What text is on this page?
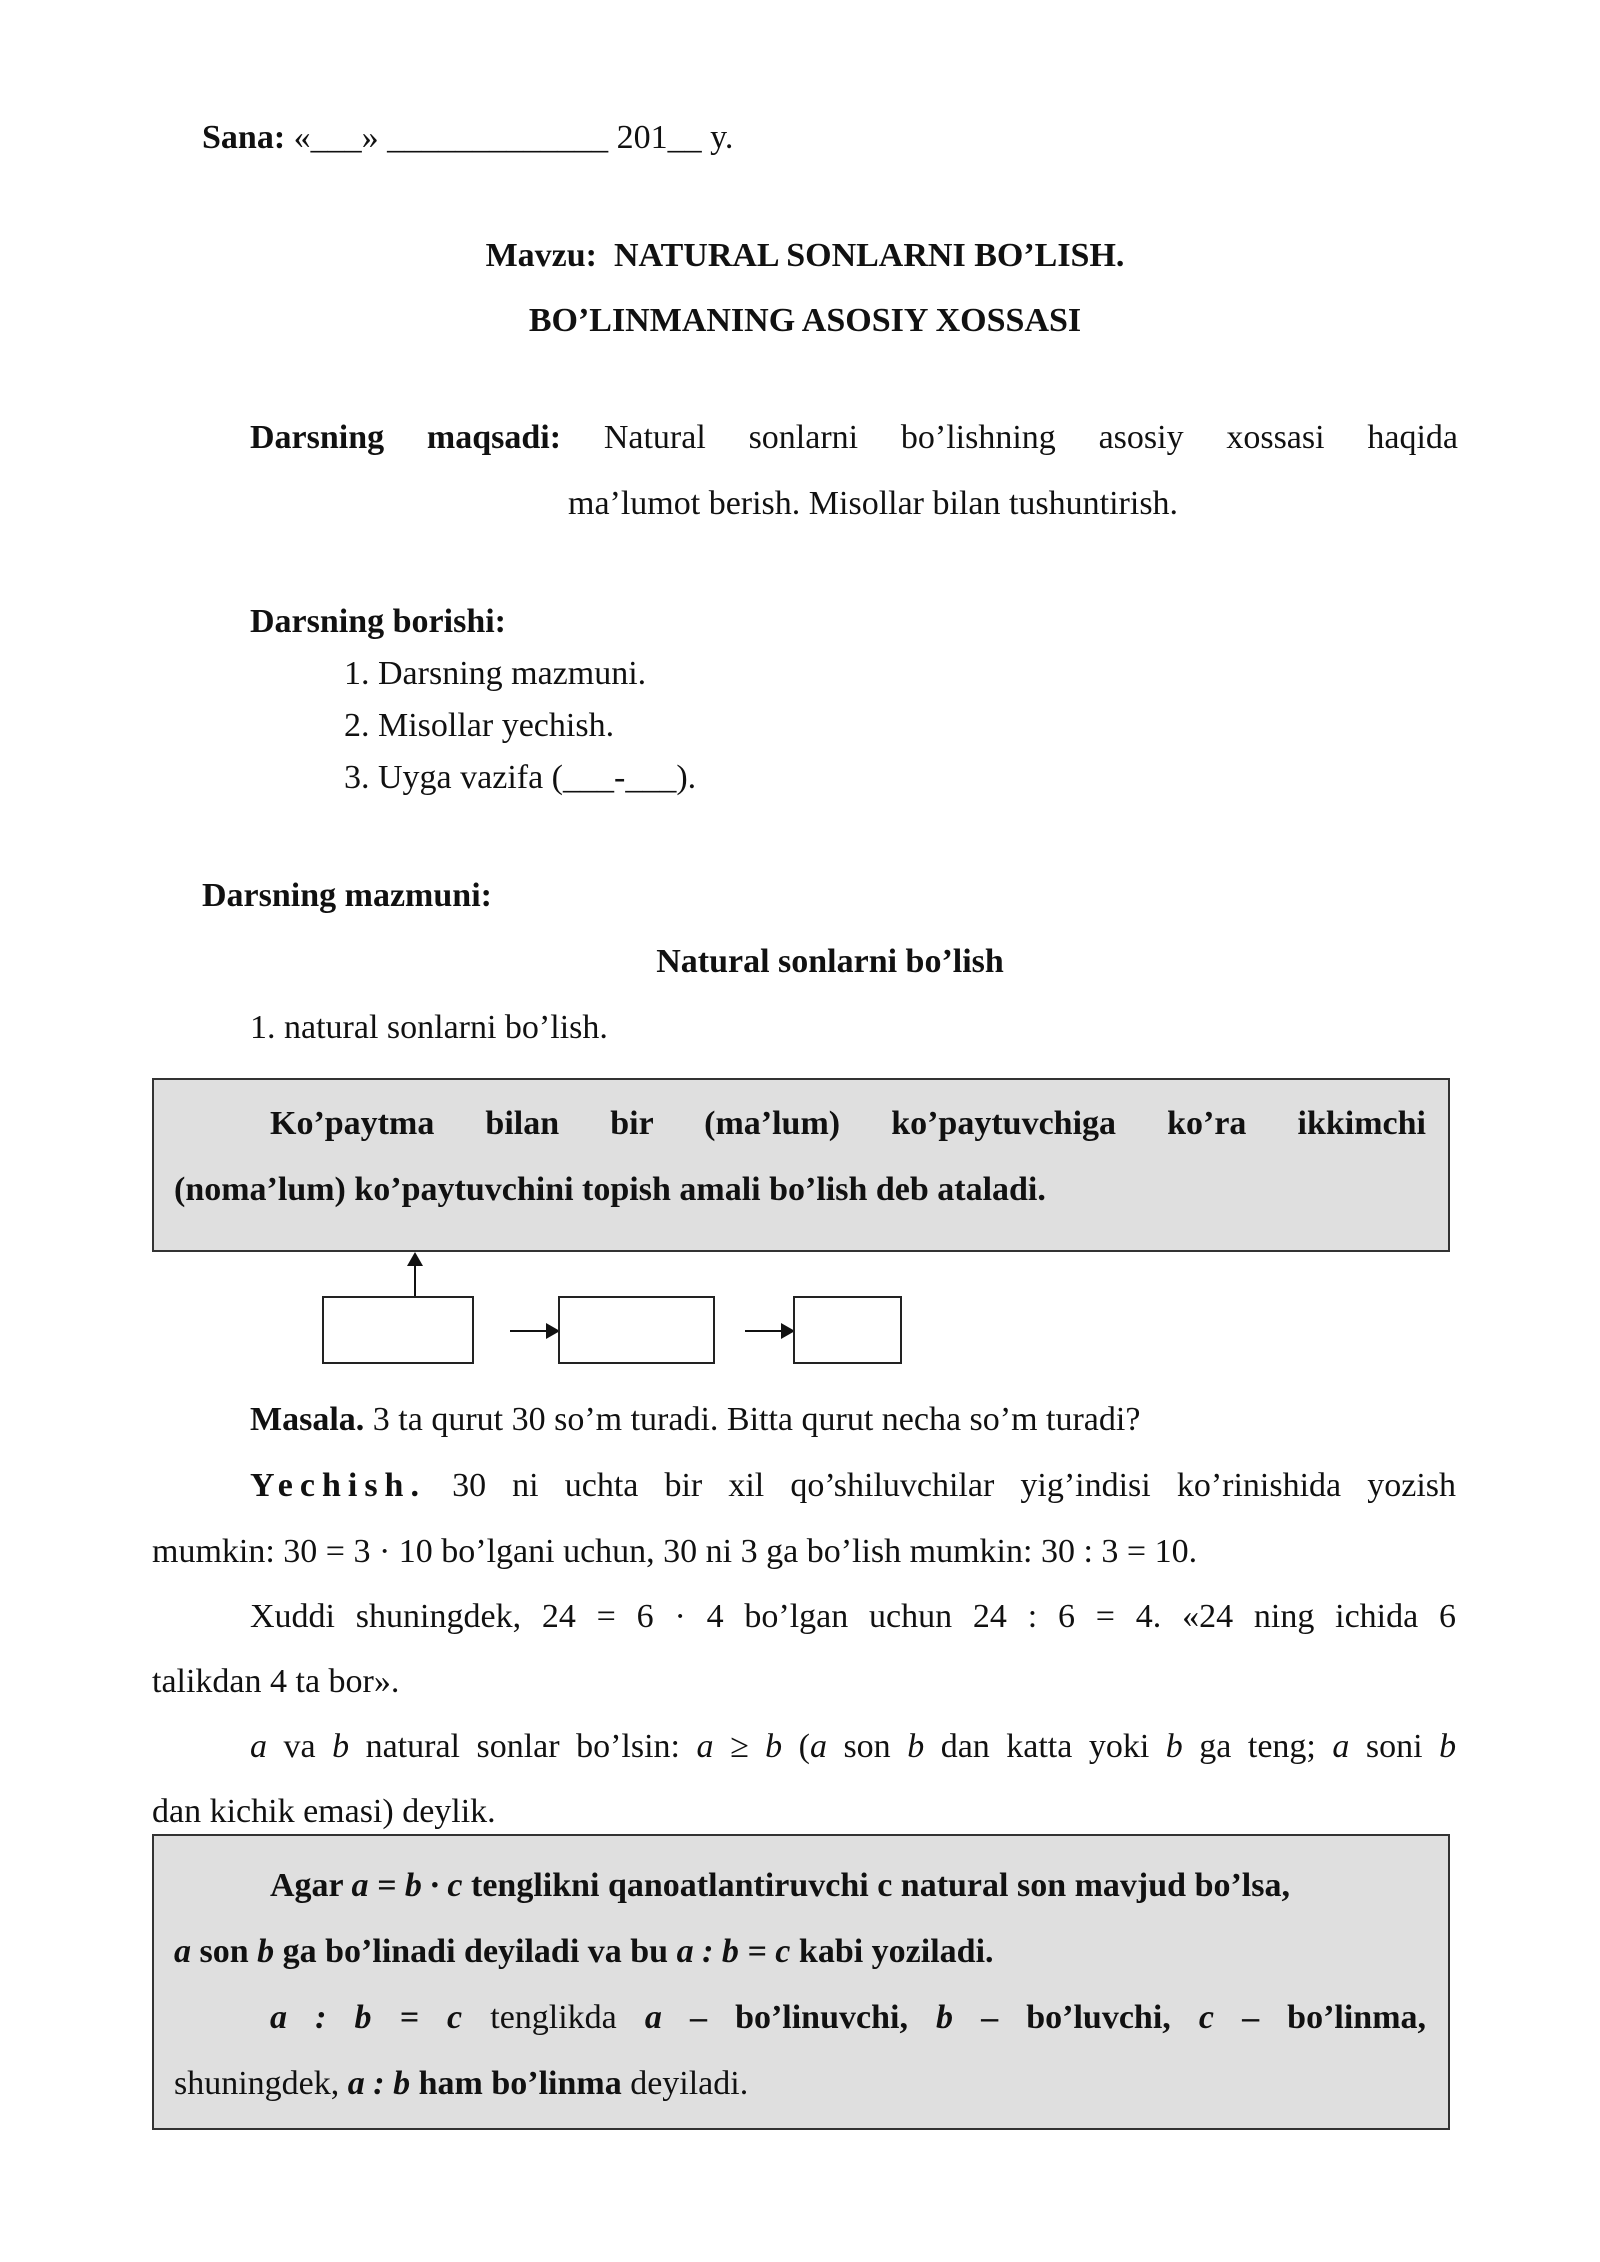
Sana: «___» _____________ 201__ y.
Mavzu: NATURAL SONLARNI BO’LISH.
BO’LINMANING ASOSIY XOSSASI
Darsning maqsadi: Natural sonlarni bo’lishning asosiy xossasi haqida
ma’lumot berish. Misollar bilan tushuntirish.
Darsning borishi:
1. Darsning mazmuni.
2. Misollar yechish.
3. Uyga vazifa (___-___).
Darsning mazmuni:
Natural sonlarni bo’lish
1. natural sonlarni bo’lish.
Ko’paytma bilan bir (ma’lum) ko’paytuvchiga ko’ra ikkimchi
(noma’lum) ko’paytuvchini topish amali bo’lish deb ataladi.
Masala. 3 ta qurut 30 so’m turadi. Bitta qurut necha so’m turadi?
Yechish. 30 ni uchta bir xil qo’shiluvchilar yig’indisi ko’rinishida yozish
mumkin: 30 = 3 · 10 bo’lgani uchun, 30 ni 3 ga bo’lish mumkin: 30 : 3 = 10.
Xuddi shuningdek, 24 = 6 · 4 bo’lgan uchun 24 : 6 = 4. «24 ning ichida 6
talikdan 4 ta bor».
a va b natural sonlar bo’lsin: a ≥ b (a son b dan katta yoki b ga teng; a soni b
dan kichik emasi) deylik.
Agar a = b · c tenglikni qanoatlantiruvchi c natural son mavjud bo’lsa,
a son b ga bo’linadi deyiladi va bu a : b = c kabi yoziladi.
a : b = c tenglikda a – bo’linuvchi, b – bo’luvchi, c – bo’linma,
shuningdek, a : b ham bo’linma deyiladi.
